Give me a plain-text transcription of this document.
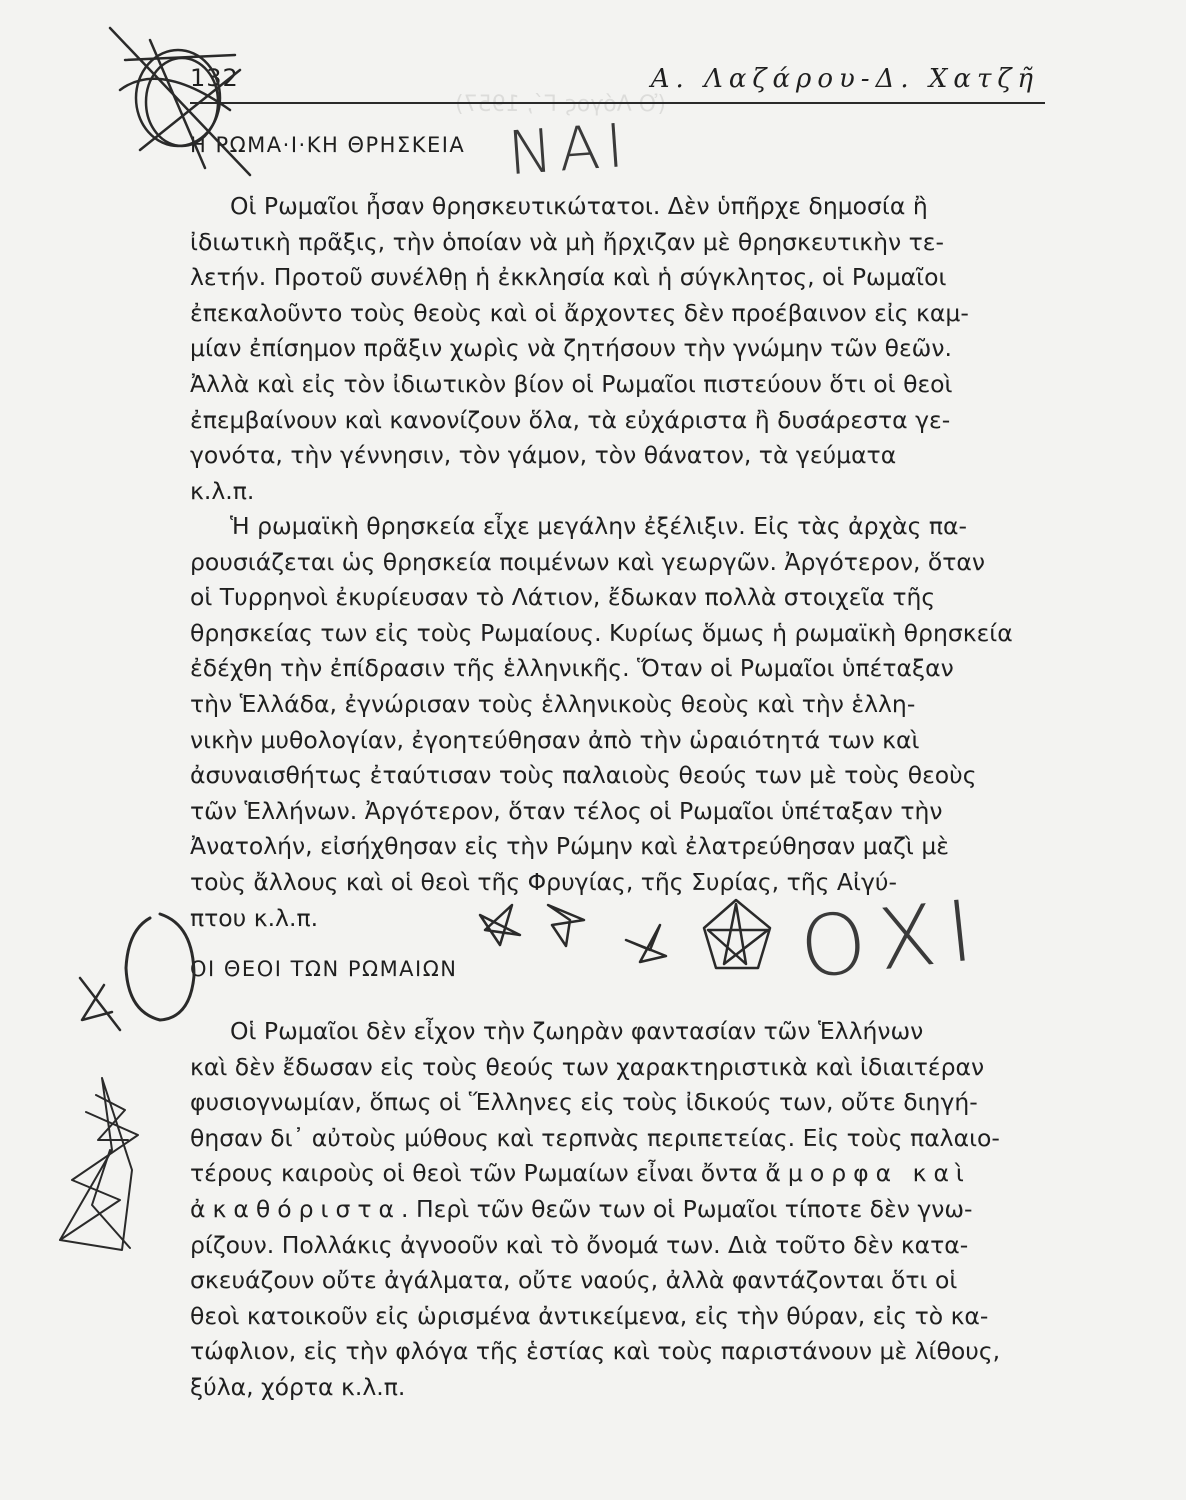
(Ὁ Λόγος Γ΄, 1957)
132	Α. Λαζάρου-Δ. Χατζῆ
Η ΡΩΜΑ·Ι·ΚΗ ΘΡΗΣΚΕΙΑ
Οἱ Ρωμαῖοι ἦσαν θρησκευτικώτατοι. Δὲν ὑπῆρχε δημοσία ἢ
ἰδιωτικὴ πρᾶξις, τὴν ὁποίαν νὰ μὴ ἤρχιζαν μὲ θρησκευτικὴν τε-
λετήν. Προτοῦ συνέλθῃ ἡ ἐκκλησία καὶ ἡ σύγκλητος, οἱ Ρωμαῖοι
ἐπεκαλοῦντο τοὺς θεοὺς καὶ οἱ ἄρχοντες δὲν προέβαινον εἰς καμ-
μίαν ἐπίσημον πρᾶξιν χωρὶς νὰ ζητήσουν τὴν γνώμην τῶν θεῶν.
Ἀλλὰ καὶ εἰς τὸν ἰδιωτικὸν βίον οἱ Ρωμαῖοι πιστεύουν ὅτι οἱ θεοὶ
ἐπεμβαίνουν καὶ κανονίζουν ὅλα, τὰ εὐχάριστα ἢ δυσάρεστα γε-
γονότα, τὴν γέννησιν, τὸν γάμον, τὸν θάνατον, τὰ γεύματα
κ.λ.π.
Ἡ ρωμαϊκὴ θρησκεία εἶχε μεγάλην ἐξέλιξιν. Εἰς τὰς ἀρχὰς πα-
ρουσιάζεται ὡς θρησκεία ποιμένων καὶ γεωργῶν. Ἀργότερον, ὅταν
οἱ Τυρρηνοὶ ἐκυρίευσαν τὸ Λάτιον, ἔδωκαν πολλὰ στοιχεῖα τῆς
θρησκείας των εἰς τοὺς Ρωμαίους. Κυρίως ὅμως ἡ ρωμαϊκὴ θρησκεία
ἐδέχθη τὴν ἐπίδρασιν τῆς ἑλληνικῆς. Ὅταν οἱ Ρωμαῖοι ὑπέταξαν
τὴν Ἑλλάδα, ἐγνώρισαν τοὺς ἑλληνικοὺς θεοὺς καὶ τὴν ἑλλη-
νικὴν μυθολογίαν, ἐγοητεύθησαν ἀπὸ τὴν ὡραιότητά των καὶ
ἀσυναισθήτως ἐταύτισαν τοὺς παλαιοὺς θεούς των μὲ τοὺς θεοὺς
τῶν Ἑλλήνων. Ἀργότερον, ὅταν τέλος οἱ Ρωμαῖοι ὑπέταξαν τὴν
Ἀνατολήν, εἰσήχθησαν εἰς τὴν Ρώμην καὶ ἐλατρεύθησαν μαζὶ μὲ
τοὺς ἄλλους καὶ οἱ θεοὶ τῆς Φρυγίας, τῆς Συρίας, τῆς Αἰγύ-
πτου κ.λ.π.
ΟΙ ΘΕΟΙ ΤΩΝ ΡΩΜΑΙΩΝ
Οἱ Ρωμαῖοι δὲν εἶχον τὴν ζωηρὰν φαντασίαν τῶν Ἑλλήνων
καὶ δὲν ἔδωσαν εἰς τοὺς θεούς των χαρακτηριστικὰ καὶ ἰδιαιτέραν
φυσιογνωμίαν, ὅπως οἱ Ἕλληνες εἰς τοὺς ἰδικούς των, οὔτε διηγή-
θησαν δι᾿ αὐτοὺς μύθους καὶ τερπνὰς περιπετείας. Εἰς τοὺς παλαιο-
τέρους καιροὺς οἱ θεοὶ τῶν Ρωμαίων εἶναι ὄντα ἄμορφα καὶ
ἀκαθόριστα. Περὶ τῶν θεῶν των οἱ Ρωμαῖοι τίποτε δὲν γνω-
ρίζουν. Πολλάκις ἀγνοοῦν καὶ τὸ ὄνομά των. Διὰ τοῦτο δὲν κατα-
σκευάζουν οὔτε ἀγάλματα, οὔτε ναούς, ἀλλὰ φαντάζονται ὅτι οἱ
θεοὶ κατοικοῦν εἰς ὡρισμένα ἀντικείμενα, εἰς τὴν θύραν, εἰς τὸ κα-
τώφλιον, εἰς τὴν φλόγα τῆς ἑστίας καὶ τοὺς παριστάνουν μὲ λίθους,
ξύλα, χόρτα κ.λ.π.
ΝΑΙ
ΟΧΙ
